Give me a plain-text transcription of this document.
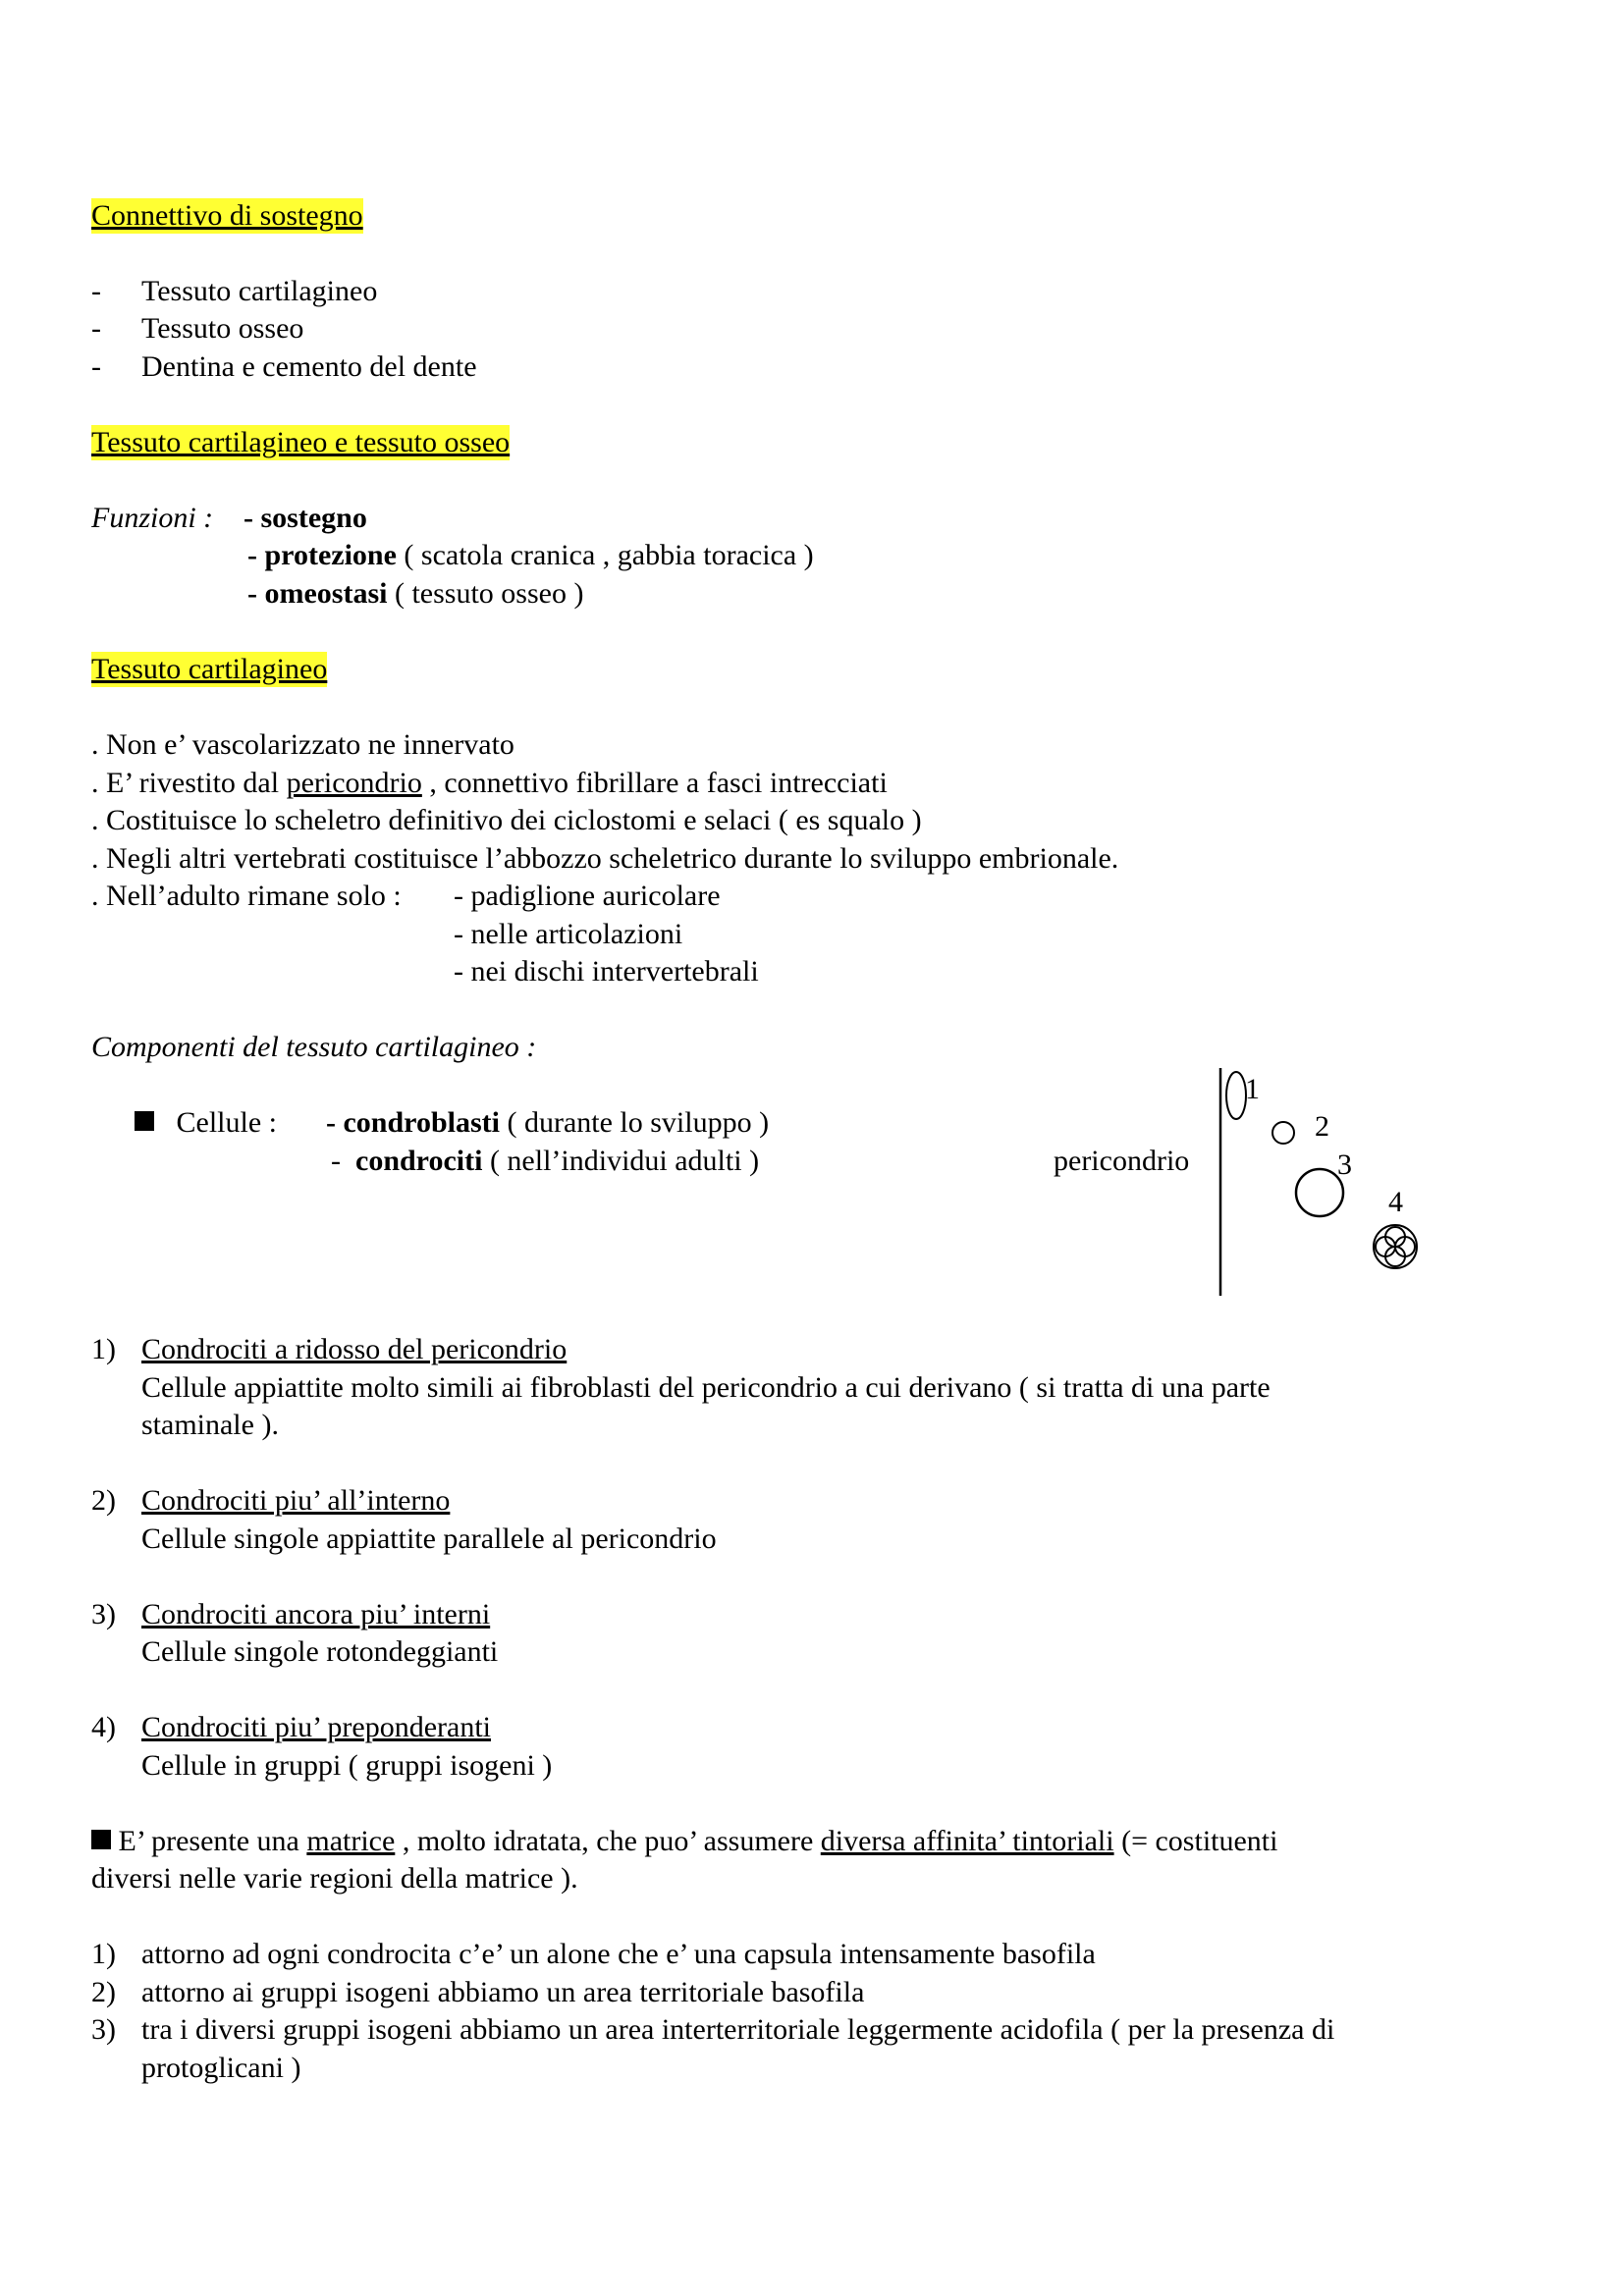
Connettivo di sostegno
- Tessuto cartilagineo
- Tessuto osseo
- Dentina e cemento del dente
Tessuto cartilagineo e tessuto osseo
Funzioni : - sostegno
- protezione ( scatola cranica , gabbia toracica )
- omeostasi ( tessuto osseo )
Tessuto cartilagineo
. Non e’ vascolarizzato ne innervato
. E’ rivestito dal pericondrio , connettivo fibrillare a fasci intrecciati
. Costituisce lo scheletro definitivo dei ciclostomi e selaci ( es squalo )
. Negli altri vertebrati costituisce l’abbozzo scheletrico durante lo sviluppo embrionale.
. Nell’adulto rimane solo : - padiglione auricolare
- nelle articolazioni
- nei dischi intervertebrali
Componenti del tessuto cartilagineo :
Cellule : - condroblasti ( durante lo sviluppo )
- condrociti ( nell’individui adulti )	pericondrio
1
2
3
4
1) Condrociti a ridosso del pericondrio
Cellule appiattite molto simili ai fibroblasti del pericondrio a cui derivano ( si tratta di una parte
staminale ).
2) Condrociti piu’ all’interno
Cellule singole appiattite parallele al pericondrio
3) Condrociti ancora piu’ interni
Cellule singole rotondeggianti
4) Condrociti piu’ preponderanti
Cellule in gruppi ( gruppi isogeni )
E’ presente una matrice , molto idratata, che puo’ assumere diversa affinita’ tintoriali (= costituenti
diversi nelle varie regioni della matrice ).
1) attorno ad ogni condrocita c’e’ un alone che e’ una capsula intensamente basofila
2) attorno ai gruppi isogeni abbiamo un area territoriale basofila
3) tra i diversi gruppi isogeni abbiamo un area interterritoriale leggermente acidofila ( per la presenza di
protoglicani )
